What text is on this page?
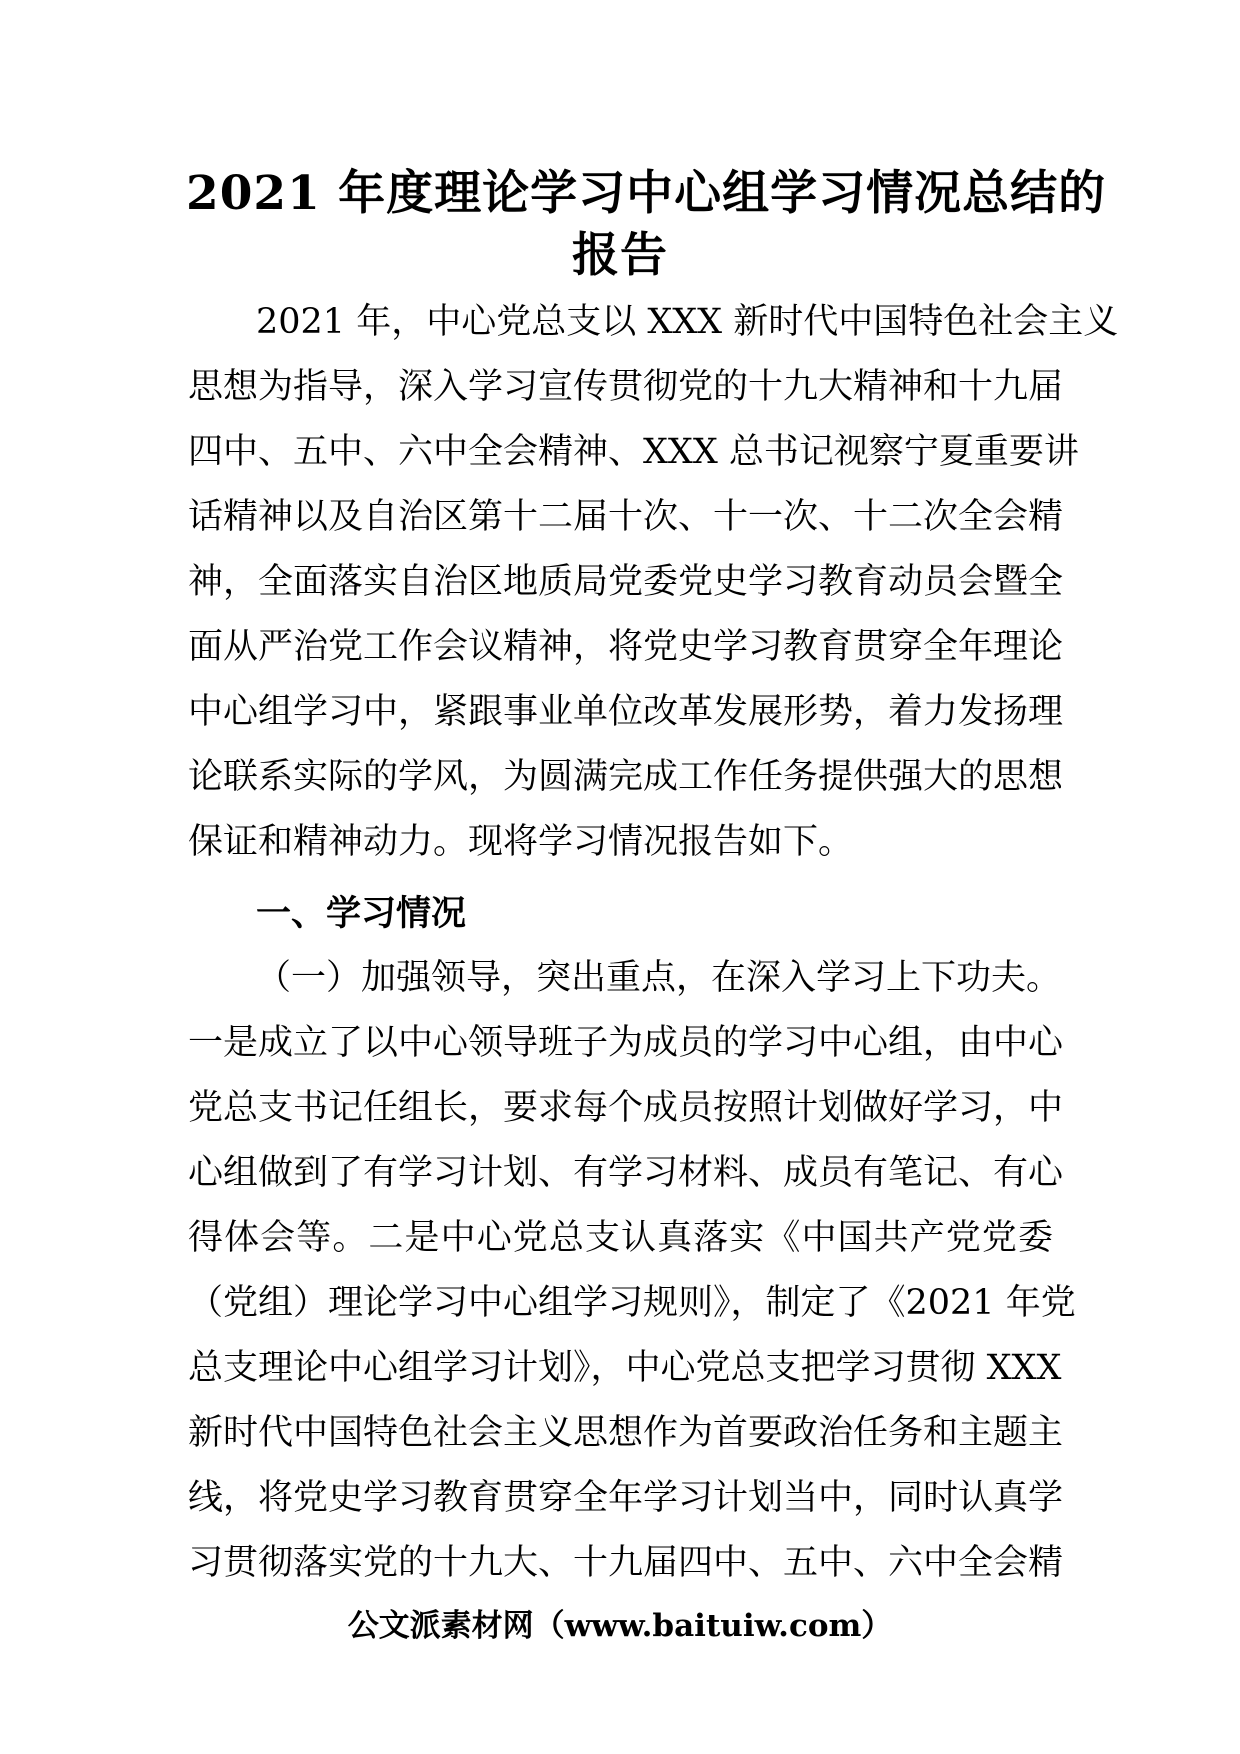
2021 年度理论学习中心组学习情况总结的
报告
2021 年，中心党总支以 XXX 新时代中国特色社会主义
思想为指导，深入学习宣传贯彻党的十九大精神和十九届
四中、五中、六中全会精神、XXX 总书记视察宁夏重要讲
话精神以及自治区第十二届十次、十一次、十二次全会精
神，全面落实自治区地质局党委党史学习教育动员会暨全
面从严治党工作会议精神，将党史学习教育贯穿全年理论
中心组学习中，紧跟事业单位改革发展形势，着力发扬理
论联系实际的学风，为圆满完成工作任务提供强大的思想
保证和精神动力。现将学习情况报告如下。
一、学习情况
（一）加强领导，突出重点，在深入学习上下功夫。
一是成立了以中心领导班子为成员的学习中心组，由中心
党总支书记任组长，要求每个成员按照计划做好学习，中
心组做到了有学习计划、有学习材料、成员有笔记、有心
得体会等。二是中心党总支认真落实《中国共产党党委
（党组）理论学习中心组学习规则》，制定了《2021 年党
总支理论中心组学习计划》，中心党总支把学习贯彻 XXX
新时代中国特色社会主义思想作为首要政治任务和主题主
线，将党史学习教育贯穿全年学习计划当中，同时认真学
习贯彻落实党的十九大、十九届四中、五中、六中全会精
公文派素材网（www.baituiw.com）
